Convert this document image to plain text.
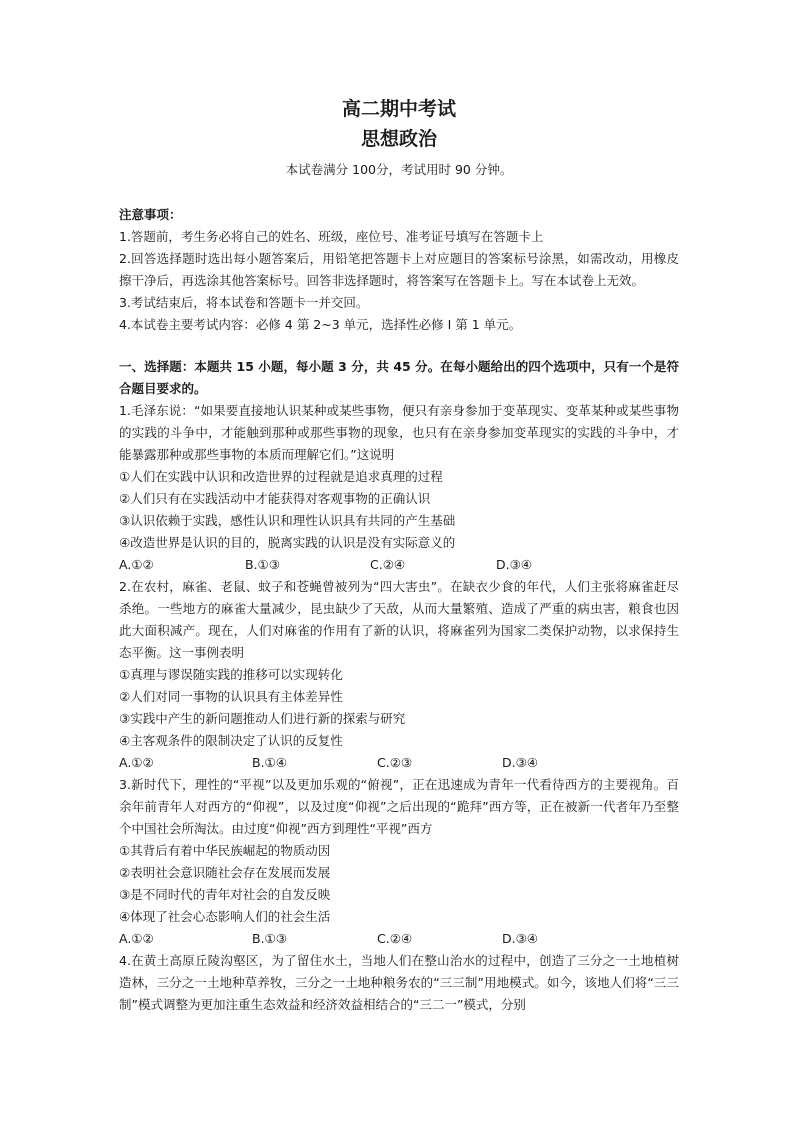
高二期中考试
思想政治

本试卷满分 100分，考试用时 90 分钟。

注意事项：

1.答题前，考生务必将自己的姓名、班级，座位号、准考证号填写在答题卡上

2.回答选择题时选出每小题答案后，用铅笔把答题卡上对应题目的答案标号涂黑，如需改动，用橡皮擦干净后，再选涂其他答案标号。回答非选择题时，将答案写在答题卡上。写在本试卷上无效。

3.考试结束后，将本试卷和答题卡一并交回。

4.本试卷主要考试内容：必修 4 第 2~3 单元，选择性必修 I 第 1 单元。

一、选择题：本题共 15 小题，每小题 3 分，共 45 分。在每小题给出的四个选项中，只有一个是符合题目要求的。

1.毛泽东说：“如果要直接地认识某种或某些事物，便只有亲身参加于变革现实、变革某种或某些事物的实践的斗争中，才能触到那种或那些事物的现象，也只有在亲身参加变革现实的实践的斗争中，才能暴露那种或那些事物的本质而理解它们。”这说明

①人们在实践中认识和改造世界的过程就是追求真理的过程

②人们只有在实践活动中才能获得对客观事物的正确认识

③认识依赖于实践，感性认识和理性认识具有共同的产生基础

④改造世界是认识的目的，脱离实践的认识是没有实际意义的

A.①②	B.①③	C.②④	D.③④

2.在农村，麻雀、老鼠、蚊子和苍蝇曾被列为“四大害虫”。在缺衣少食的年代，人们主张将麻雀赶尽杀绝。一些地方的麻雀大量减少，昆虫缺少了天敌，从而大量繁殖、造成了严重的病虫害，粮食也因此大面积减产。现在，人们对麻雀的作用有了新的认识，将麻雀列为国家二类保护动物，以求保持生态平衡。这一事例表明

①真理与谬误随实践的推移可以实现转化

②人们对同一事物的认识具有主体差异性

③实践中产生的新问题推动人们进行新的探索与研究

④主客观条件的限制决定了认识的反复性

A.①②	B.①④	C.②③	D.③④

3.新时代下，理性的“平视”以及更加乐观的“俯视”，正在迅速成为青年一代看待西方的主要视角。百余年前青年人对西方的“仰视”，以及过度“仰视”之后出现的“跪拜”西方等，正在被新一代者年乃至整个中国社会所淘汰。由过度“仰视”西方到理性“平视”西方

①其背后有着中华民族崛起的物质动因

②表明社会意识随社会存在发展而发展

③是不同时代的青年对社会的自发反映

④体现了社会心态影响人们的社会生活

A.①②	B.①③	C.②④	D.③④

4.在黄土高原丘陵沟壑区，为了留住水土，当地人们在整山治水的过程中，创造了三分之一土地植树造林，三分之一土地种草养牧，三分之一土地种粮务农的“三三制”用地模式。如今，该地人们将“三三制”模式调整为更加注重生态效益和经济效益相结合的“三二一”模式，分别
